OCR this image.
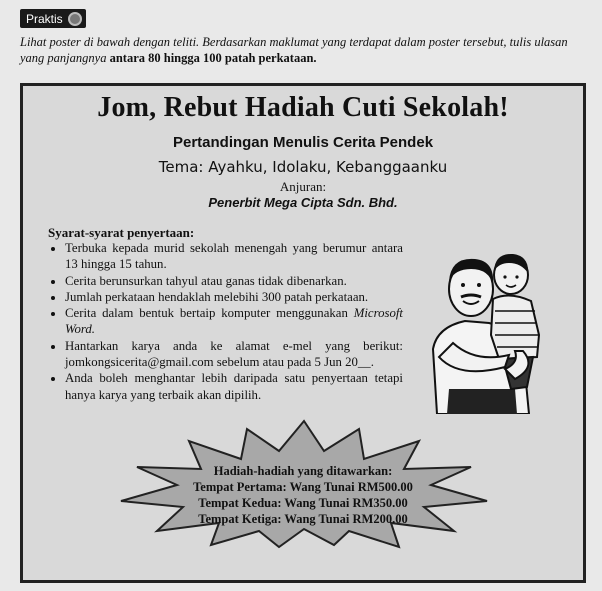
Praktis
Lihat poster di bawah dengan teliti. Berdasarkan maklumat yang terdapat dalam poster tersebut, tulis ulasan yang panjangnya antara 80 hingga 100 patah perkataan.
Jom, Rebut Hadiah Cuti Sekolah!
Pertandingan Menulis Cerita Pendek
Tema: Ayahku, Idolaku, Kebanggaanku
Anjuran:
Penerbit Mega Cipta Sdn. Bhd.
Syarat-syarat penyertaan:
• Terbuka kepada murid sekolah menengah yang berumur antara 13 hingga 15 tahun.
• Cerita berunsurkan tahyul atau ganas tidak dibenarkan.
• Jumlah perkataan hendaklah melebihi 300 patah perkataan.
• Cerita dalam bentuk bertaip komputer menggunakan Microsoft Word.
• Hantarkan karya anda ke alamat e-mel yang berikut: jomkongsicerita@gmail.com sebelum atau pada 5 Jun 20__.
• Anda boleh menghantar lebih daripada satu penyertaan tetapi hanya karya yang terbaik akan dipilih.
Hadiah-hadiah yang ditawarkan:
Tempat Pertama: Wang Tunai RM500.00
Tempat Kedua: Wang Tunai RM350.00
Tempat Ketiga: Wang Tunai RM200.00
